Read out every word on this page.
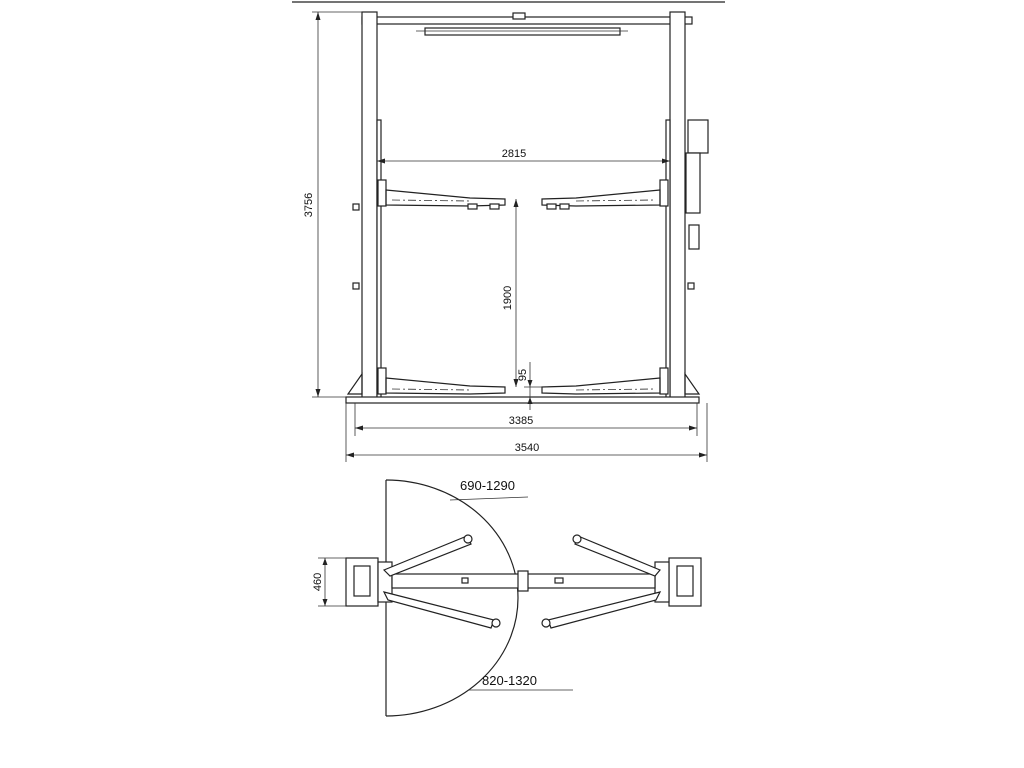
2815
3756
1900
95
3385
3540
690-1290
820-1320
460
